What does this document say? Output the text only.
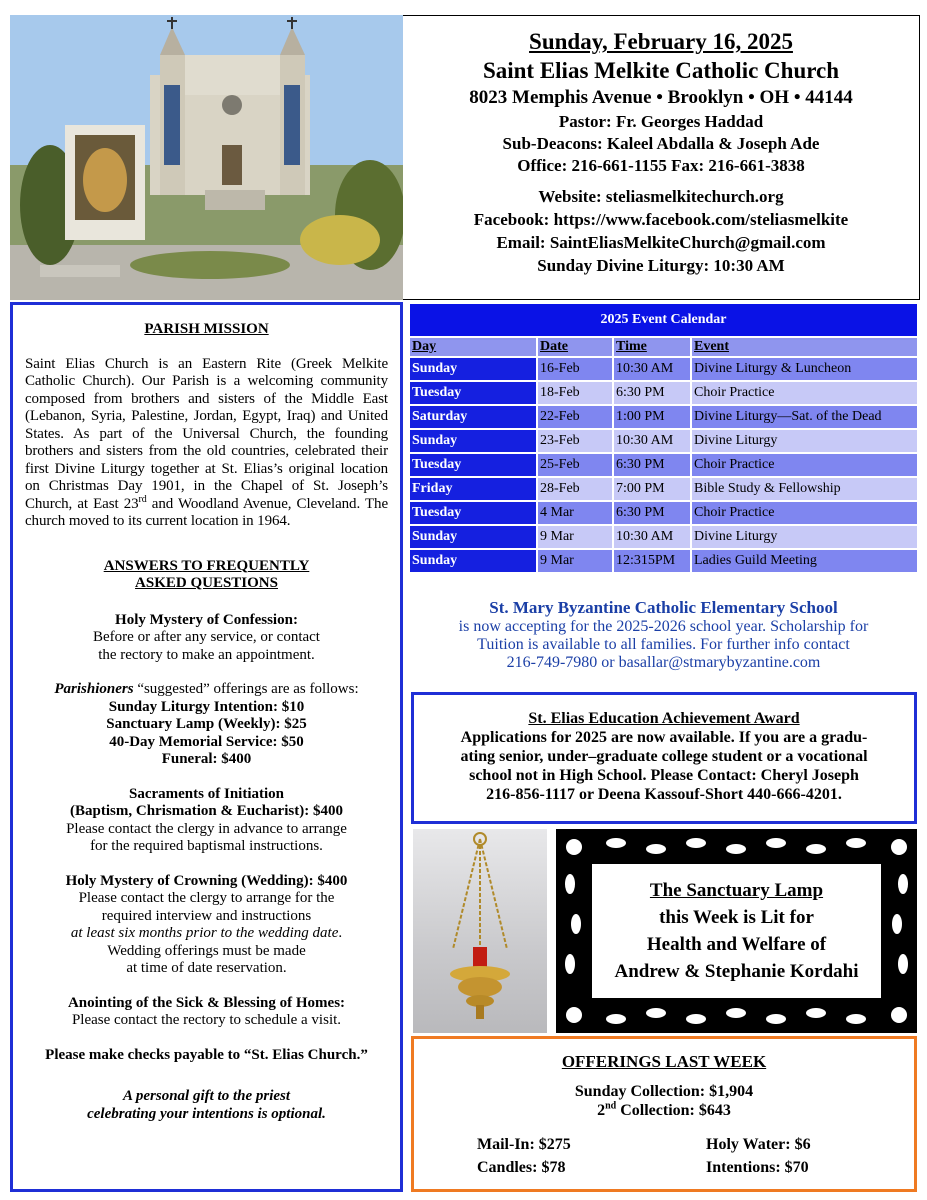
Sunday, February 16, 2025
Saint Elias Melkite Catholic Church
8023 Memphis Avenue • Brooklyn • OH • 44144
Pastor: Fr. Georges Haddad
Sub-Deacons: Kaleel Abdalla & Joseph Ade
Office: 216-661-1155 Fax: 216-661-3838
Website: steliasmelkitechurch.org
Facebook: https://www.facebook.com/steliasmelkite
Email: SaintEliasMelkiteChurch@gmail.com
Sunday Divine Liturgy: 10:30 AM
PARISH MISSION
Saint Elias Church is an Eastern Rite (Greek Melkite Catholic Church). Our Parish is a welcoming community composed from brothers and sisters of the Middle East (Lebanon, Syria, Palestine, Jordan, Egypt, Iraq) and United States. As part of the Universal Church, the founding brothers and sisters from the old countries, celebrated their first Divine Liturgy together at St. Elias’s original location on Christmas Day 1901, in the Chapel of St. Joseph’s Church, at East 23rd and Woodland Avenue, Cleveland. The church moved to its current location in 1964.
ANSWERS TO FREQUENTLY
ASKED QUESTIONS
Holy Mystery of Confession:
Before or after any service, or contact
the rectory to make an appointment.
Parishioners “suggested” offerings are as follows:
Sunday Liturgy Intention: $10
Sanctuary Lamp (Weekly): $25
40-Day Memorial Service: $50
Funeral: $400
Sacraments of Initiation
(Baptism, Chrismation & Eucharist): $400
Please contact the clergy in advance to arrange
for the required baptismal instructions.
Holy Mystery of Crowning (Wedding): $400
Please contact the clergy to arrange for the
required interview and instructions
at least six months prior to the wedding date.
Wedding offerings must be made
at time of date reservation.
Anointing of the Sick & Blessing of Homes:
Please contact the rectory to schedule a visit.
Please make checks payable to “St. Elias Church.”
A personal gift to the priest
celebrating your intentions is optional.
2025 Event Calendar
Day	Date	Time	Event
Sunday	16-Feb	10:30 AM	Divine Liturgy & Luncheon
Tuesday	18-Feb	6:30 PM	Choir Practice
Saturday	22-Feb	1:00 PM	Divine Liturgy—Sat. of the Dead
Sunday	23-Feb	10:30 AM	Divine Liturgy
Tuesday	25-Feb	6:30 PM	Choir Practice
Friday	28-Feb	7:00 PM	Bible Study & Fellowship
Tuesday	4 Mar	6:30 PM	Choir Practice
Sunday	9 Mar	10:30 AM	Divine Liturgy
Sunday	9 Mar	12:315PM	Ladies Guild Meeting
St. Mary Byzantine Catholic Elementary School
is now accepting for the 2025-2026 school year. Scholarship for
Tuition is available to all families. For further info contact
216-749-7980 or basallar@stmarybyzantine.com
St. Elias Education Achievement Award
Applications for 2025 are now available. If you are a gradu-
ating senior, under–graduate college student or a vocational
school not in High School. Please Contact: Cheryl Joseph
216-856-1117 or Deena Kassouf-Short 440-666-4201.
The Sanctuary Lamp
this Week is Lit for
Health and Welfare of
Andrew & Stephanie Kordahi
OFFERINGS LAST WEEK
Sunday Collection: $1,904
2nd Collection: $643
Mail-In: $275	Holy Water: $6
Candles: $78	Intentions: $70
